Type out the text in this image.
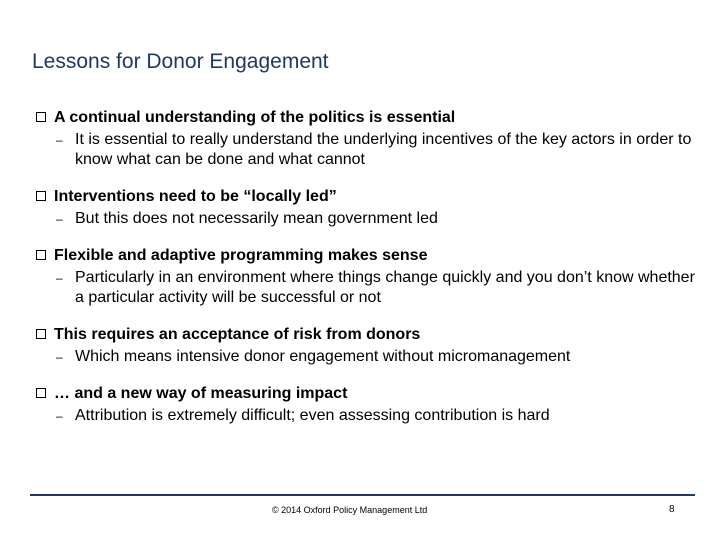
Lessons for Donor Engagement
A continual understanding of the politics is essential
– It is essential to really understand the underlying incentives of the key actors in order to know what can be done and what cannot
Interventions need to be “locally led”
– But this does not necessarily mean government led
Flexible and adaptive programming makes sense
– Particularly in an environment where things change quickly and you don’t know whether a particular activity will be successful or not
This requires an acceptance of risk from donors
– Which means intensive donor engagement without micromanagement
… and a new way of measuring impact
– Attribution is extremely difficult; even assessing contribution is hard
© 2014 Oxford Policy Management Ltd	8
